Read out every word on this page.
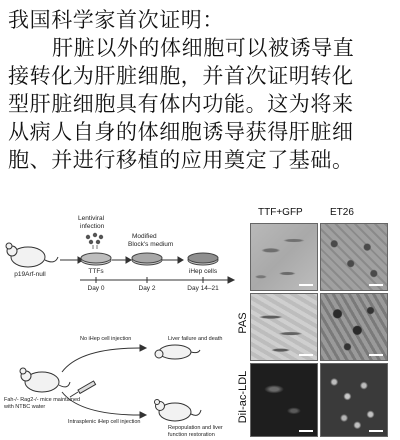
我国科学家首次证明：
肝脏以外的体细胞可以被诱导直
接转化为肝脏细胞，并首次证明转化
型肝脏细胞具有体内功能。这为将来
从病人自身的体细胞诱导获得肝脏细
胞、并进行移植的应用奠定了基础。
p19Arf-null
Lentiviral
infection
Modified
Block's medium
TTFs	iHep cells
Day 0	Day 2	Day 14–21
No iHep cell injection	Liver failure and death
Fah-/- Rag2-/- mice maintained
with NTBC water
Intrasplenic iHep cell injection
Repopulation and liver
function restoration
TTF+GFP	ET26
PAS
DiI-ac-LDL
